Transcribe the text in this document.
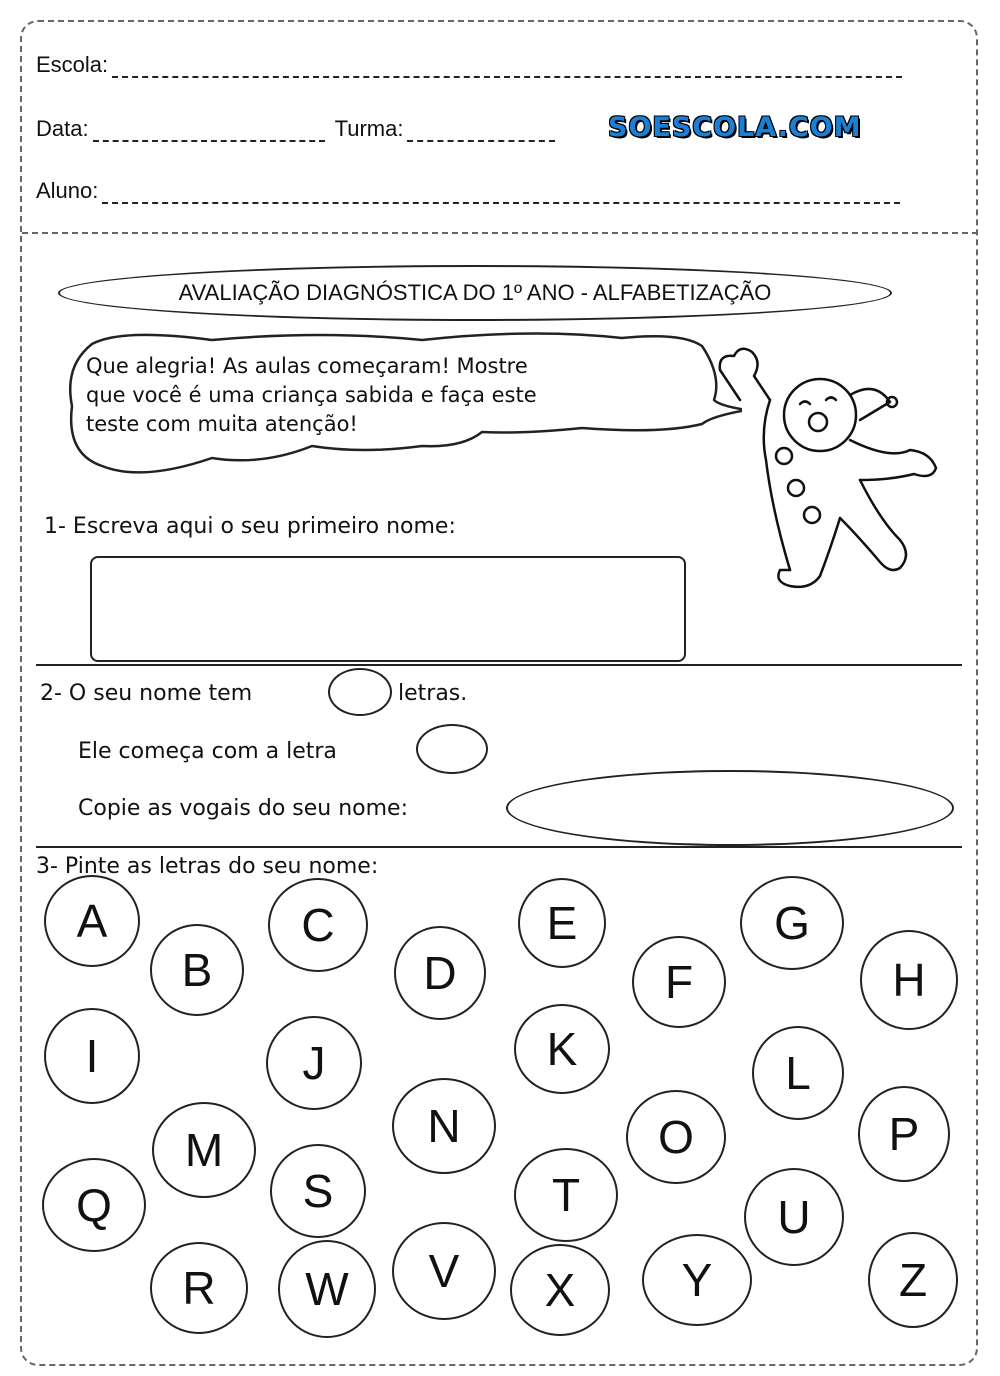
Escola:
Data:	Turma:	SOESCOLA.COM
Aluno:
AVALIAÇÃO DIAGNÓSTICA DO 1º ANO - ALFABETIZAÇÃO
Que alegria! As aulas começaram! Mostre
que você é uma criança sabida e faça este
teste com muita atenção!
1- Escreva aqui o seu primeiro nome:
2- O seu nome tem	letras.
Ele começa com a letra
Copie as vogais do seu nome:
3- Pinte as letras do seu nome:
A
B
C
D
E
F
G
H
I	J	K	L
M	N	O	P
Q
R
S	T	U
V
W	X	Y	Z
